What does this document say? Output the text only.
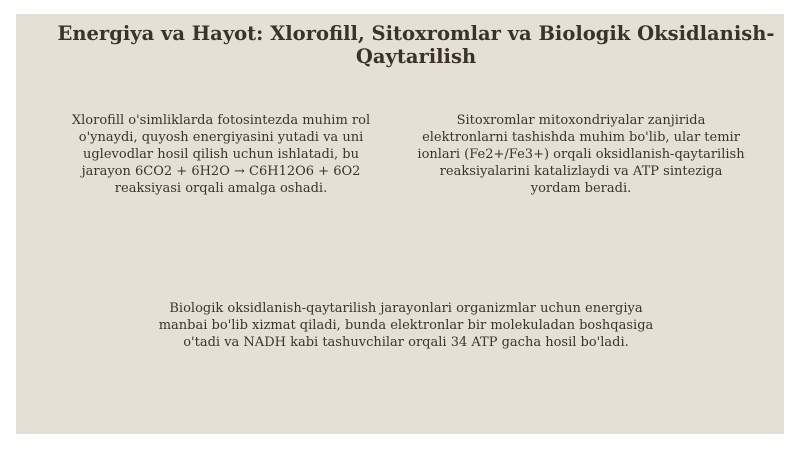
Energiya va Hayot: Xlorofill, Sitoxromlar va Biologik Oksidlanish-Qaytarilish

Xlorofill o'simliklarda fotosintezda muhim rol o'ynaydi, quyosh energiyasini yutadi va uni uglevodlar hosil qilish uchun ishlatadi, bu jarayon 6CO2 + 6H2O → C6H12O6 + 6O2 reaksiyasi orqali amalga oshadi.

Sitoxromlar mitoxondriyalar zanjirida elektronlarni tashishda muhim bo'lib, ular temir ionlari (Fe2+/Fe3+) orqali oksidlanish-qaytarilish reaksiyalarini katalizlaydi va ATP sinteziga yordam beradi.

Biologik oksidlanish-qaytarilish jarayonlari organizmlar uchun energiya manbai bo'lib xizmat qiladi, bunda elektronlar bir molekuladan boshqasiga o'tadi va NADH kabi tashuvchilar orqali 34 ATP gacha hosil bo'ladi.
